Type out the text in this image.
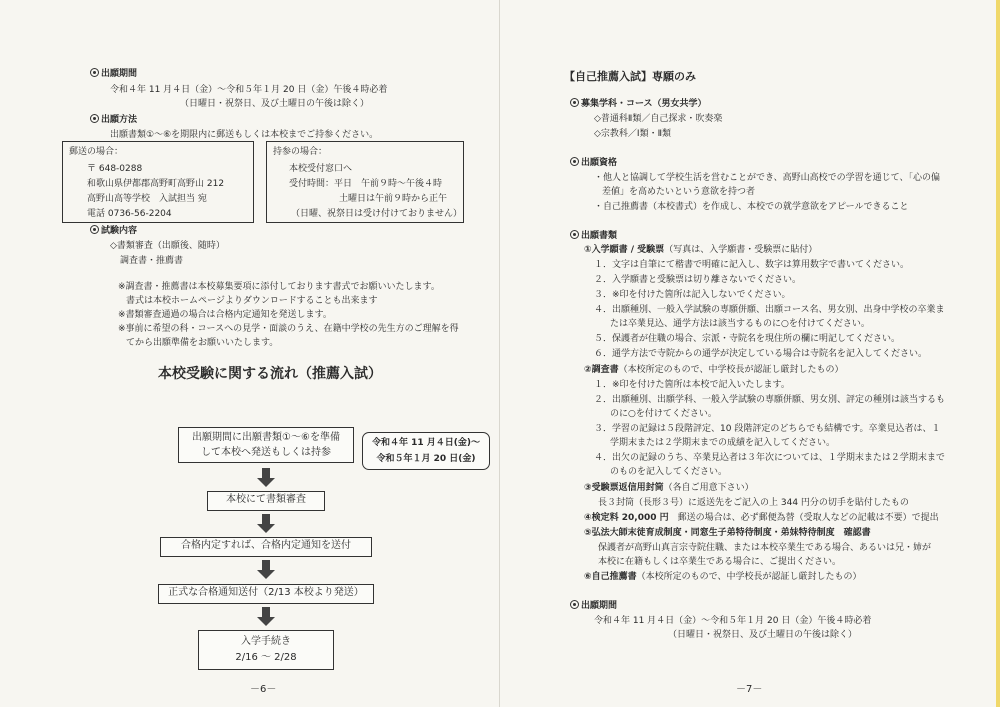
出願期間
令和４年 11 月４日（金）～令和５年１月 20 日（金）午後４時必着
（日曜日・祝祭日、及び土曜日の午後は除く）
出願方法
出願書類①～⑥を期限内に郵送もしくは本校までご持参ください。
郵送の場合：
〒 648-0288
和歌山県伊都郡高野町高野山 212
高野山高等学校　入試担当 宛
電話 0736-56-2204
持参の場合：
本校受付窓口へ
受付時間：平日　午前９時～午後４時
土曜日は午前９時から正午
（日曜、祝祭日は受け付けておりません）
試験内容
◇書類審査（出願後、随時）
調査書・推薦書
※調査書・推薦書は本校募集要項に添付しております書式でお願いいたします。
書式は本校ホームページよりダウンロードすることも出来ます
※書類審査通過の場合は合格内定通知を発送します。
※事前に希望の科・コースへの見学・面談のうえ、在籍中学校の先生方のご理解を得
てから出願準備をお願いいたします。
本校受験に関する流れ（推薦入試）
出願期間に出願書類①～⑥を準備
して本校へ発送もしくは持参
令和４年 11 月４日(金)～
令和５年１月 20 日(金)
本校にて書類審査
合格内定すれば、合格内定通知を送付
正式な合格通知送付（2/13 本校より発送）
入学手続き
2/16 ～ 2/28
－6－
【自己推薦入試】専願のみ
募集学科・コース（男女共学）
◇普通科Ⅱ類／自己探求・吹奏楽
◇宗教科／Ⅰ類・Ⅱ類
出願資格
・他人と協調して学校生活を営むことができ、高野山高校での学習を通じて、「心の偏
差値」を高めたいという意欲を持つ者
・自己推薦書（本校書式）を作成し、本校での就学意欲をアピールできること
出願書類
①入学願書 / 受験票（写真は、入学願書・受験票に貼付）
１．文字は自筆にて楷書で明確に記入し、数字は算用数字で書いてください。
２．入学願書と受験票は切り離さないでください。
３．※印を付けた箇所は記入しないでください。
４．出願種別、一般入学試験の専願併願、出願コース名、男女別、出身中学校の卒業ま
たは卒業見込、通学方法は該当するものに○を付けてください。
５．保護者が住職の場合、宗派・寺院名を現住所の欄に明記してください。
６．通学方法で寺院からの通学が決定している場合は寺院名を記入してください。
②調査書（本校所定のもので、中学校長が認証し厳封したもの）
１．※印を付けた箇所は本校で記入いたします。
２．出願種別、出願学科、一般入学試験の専願併願、男女別、評定の種別は該当するも
のに○を付けてください。
３．学習の記録は５段階評定、10 段階評定のどちらでも結構です。卒業見込者は、１
学期末または２学期末までの成績を記入してください。
４．出欠の記録のうち、卒業見込者は３年次については、１学期末または２学期末まで
のものを記入してください。
③受験票返信用封筒（各自ご用意下さい）
長３封筒（長形３号）に返送先をご記入の上 344 円分の切手を貼付したもの
④検定料 20,000 円　郵送の場合は、必ず郵便為替（受取人などの記載は不要）で提出
⑤弘法大師末徒育成制度・同窓生子弟特待制度・弟妹特待制度　確認書
保護者が高野山真言宗寺院住職、または本校卒業生である場合、あるいは兄・姉が
本校に在籍もしくは卒業生である場合に、ご提出ください。
⑥自己推薦書（本校所定のもので、中学校長が認証し厳封したもの）
出願期間
令和４年 11 月４日（金）～令和５年１月 20 日（金）午後４時必着
（日曜日・祝祭日、及び土曜日の午後は除く）
－7－
